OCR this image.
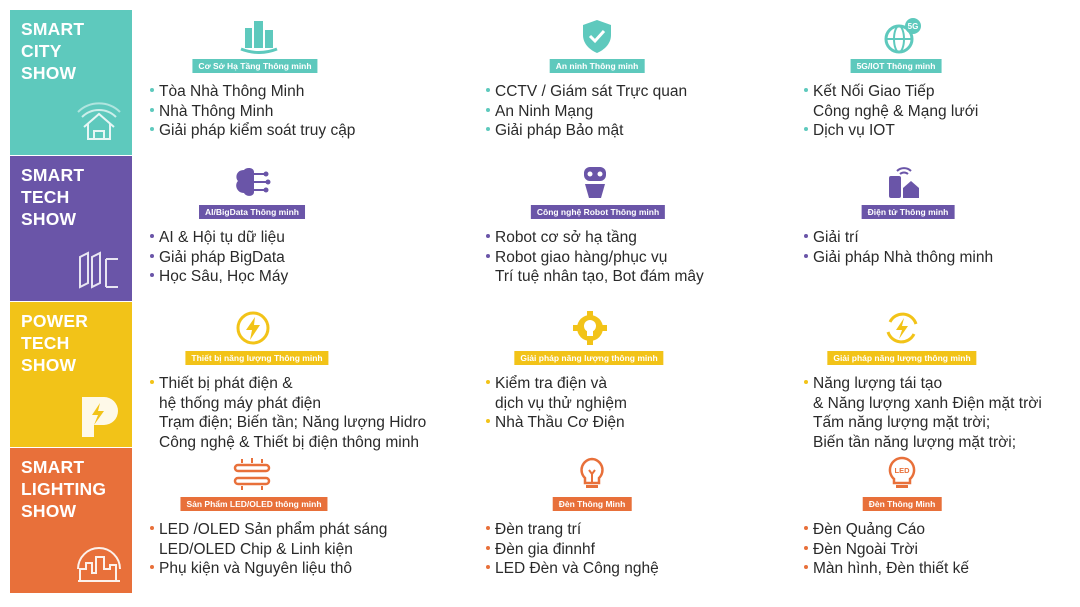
SMART
CITY
SHOW	Cơ Sở Hạ Tầng Thông minh
Tòa Nhà Thông Minh
Nhà Thông Minh
Giải pháp kiểm soát truy cập
An ninh Thông minh
CCTV / Giám sát Trực quan
An Ninh Mạng
Giải pháp Bảo mật
5G
5G/IOT Thông minh
Kết Nối Giao Tiếp
Công nghệ & Mạng lưới
Dịch vụ IOT
SMART
TECH
SHOW	AI/BigData Thông minh
AI & Hội tụ dữ liệu
Giải pháp BigData
Học Sâu, Học Máy
Công nghệ Robot Thông minh
Robot cơ sở hạ tầng
Robot giao hàng/phục vụ
Trí tuệ nhân tạo, Bot đám mây
Điện tử Thông minh
Giải trí
Giải pháp Nhà thông minh
POWER
TECH
SHOW	Thiết bị năng lượng Thông minh
Thiết bị phát điện &
hệ thống máy phát điện
Trạm điện; Biến tần; Năng lượng Hidro
Công nghệ & Thiết bị điện thông minh
Giải pháp năng lượng thông minh
Kiểm tra điện và
dịch vụ thử nghiệm
Nhà Thầu Cơ Điện
Giải pháp năng lượng thông minh
Năng lượng tái tạo
& Năng lượng xanh Điện mặt trời
Tấm năng lượng mặt trời;
Biến tần năng lượng mặt trời;
SMART
LIGHTING
SHOW	Sản Phẩm LED/OLED thông minh
LED /OLED Sản phẩm phát sáng
LED/OLED Chip & Linh kiện
Phụ kiện và Nguyên liệu thô
Đèn Thông Minh
Đèn trang trí
Đèn gia đinnhf
LED Đèn và Công nghệ
LED
Đèn Thông Minh
Đèn Quảng Cáo
Đèn Ngoài Trời
Màn hình, Đèn thiết kế
